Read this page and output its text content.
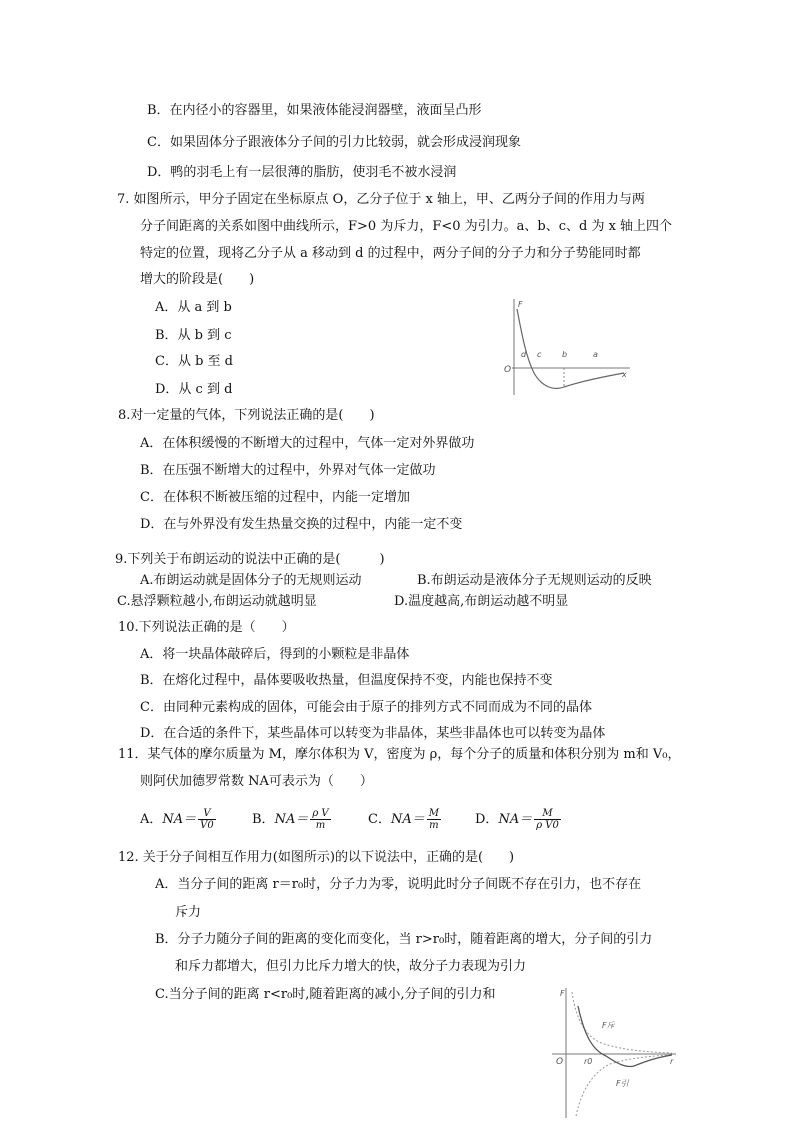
B．在内径小的容器里，如果液体能浸润器壁，液面呈凸形
C．如果固体分子跟液体分子间的引力比较弱，就会形成浸润现象
D．鸭的羽毛上有一层很薄的脂肪，使羽毛不被水浸润
7. 如图所示，甲分子固定在坐标原点 O，乙分子位于 x 轴上，甲、乙两分子间的作用力与两
分子间距离的关系如图中曲线所示，F>0 为斥力，F<0 为引力。a、b、c、d 为 x 轴上四个
特定的位置，现将乙分子从 a 移动到 d 的过程中，两分子间的分子力和分子势能同时都
增大的阶段是(　　)
A．从 a 到 b
B．从 b 到 c
C．从 b 至 d
D．从 c 到 d
F
x
O
d c	b	a
8.对一定量的气体，下列说法正确的是(　　)
A．在体积缓慢的不断增大的过程中，气体一定对外界做功
B．在压强不断增大的过程中，外界对气体一定做功
C．在体积不断被压缩的过程中，内能一定增加
D．在与外界没有发生热量交换的过程中，内能一定不变
9.下列关于布朗运动的说法中正确的是(　　　)
A.布朗运动就是固体分子的无规则运动	B.布朗运动是液体分子无规则运动的反映
C.悬浮颗粒越小,布朗运动就越明显	D.温度越高,布朗运动越不明显
10.下列说法正确的是（　　）
A．将一块晶体敲碎后，得到的小颗粒是非晶体
B．在熔化过程中，晶体要吸收热量，但温度保持不变，内能也保持不变
C．由同种元素构成的固体，可能会由于原子的排列方式不同而成为不同的晶体
D．在合适的条件下，某些晶体可以转变为非晶体，某些非晶体也可以转变为晶体
11．某气体的摩尔质量为 M，摩尔体积为 V，密度为 ρ，每个分子的质量和体积分别为 m和 V₀，
则阿伏加德罗常数 NA可表示为（　　）
A．$NA= \frac{V}{V0}$	B．$NA= \frac{\text{ρ V}}{m}$	C．$NA= \frac{M}{m}$	D．$NA= \frac{M}{\text{ρ V0}}$
12. 关于分子间相互作用力(如图所示)的以下说法中，正确的是(　　)
A．当分子间的距离 r＝r₀时，分子力为零，说明此时分子间既不存在引力，也不存在
斥力
B．分子力随分子间的距离的变化而变化，当 r>r₀时，随着距离的增大，分子间的引力
和斥力都增大，但引力比斥力增大的快，故分子力表现为引力
C.当分子间的距离 r<r₀时,随着距离的减小,分子间的引力和	F
r
O	r0
F斥
F引
